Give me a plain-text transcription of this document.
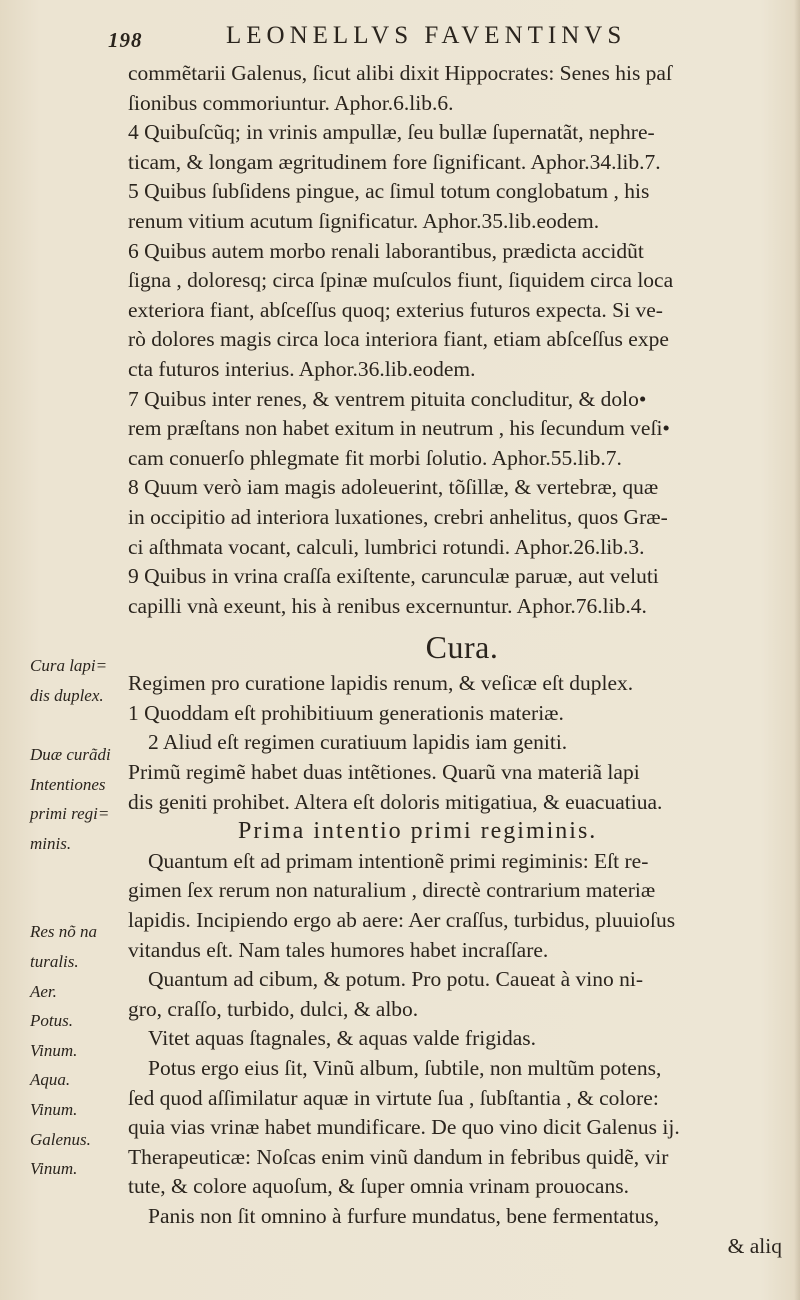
198	LEONELLVS FAVENTINVS
Cura lapi=
dis duplex.
Duæ curãdi
Intentiones
primi regi=
minis.
Res nõ na
turalis.
Aer.
Potus.
Vinum.
Aqua.
Vinum.
Galenus.
Vinum.
commẽtarii Galenus, ſicut alibi dixit Hippocrates: Senes his paſ
ſionibus commoriuntur. Aphor.6.lib.6.
4 Quibuſcũq; in vrinis ampullæ, ſeu bullæ ſupernatãt, nephre-
ticam, & longam ægritudinem fore ſignificant. Aphor.34.lib.7.
5 Quibus ſubſidens pingue, ac ſimul totum conglobatum , his
renum vitium acutum ſignificatur. Aphor.35.lib.eodem.
6 Quibus autem morbo renali laborantibus, prædicta accidũt
ſigna , doloresq; circa ſpinæ muſculos fiunt, ſiquidem circa loca
exteriora fiant, abſceſſus quoq; exterius futuros expecta. Si ve-
rò dolores magis circa loca interiora fiant, etiam abſceſſus expe
cta futuros interius. Aphor.36.lib.eodem.
7 Quibus inter renes, & ventrem pituita concluditur, & dolo•
rem præſtans non habet exitum in neutrum , his ſecundum veſi•
cam conuerſo phlegmate fit morbi ſolutio. Aphor.55.lib.7.
8 Quum verò iam magis adoleuerint, tõſillæ, & vertebræ, quæ
in occipitio ad interiora luxationes, crebri anhelitus, quos Græ-
ci aſthmata vocant, calculi, lumbrici rotundi. Aphor.26.lib.3.
9 Quibus in vrina craſſa exiſtente, carunculæ paruæ, aut veluti
capilli vnà exeunt, his à renibus excernuntur. Aphor.76.lib.4.
Cura.
Regimen pro curatione lapidis renum, & veſicæ eſt duplex.
1 Quoddam eſt prohibitiuum generationis materiæ.
2 Aliud eſt regimen curatiuum lapidis iam geniti.
Primũ regimẽ habet duas intẽtiones. Quarũ vna materiã lapi
dis geniti prohibet. Altera eſt doloris mitigatiua, & euacuatiua.
Prima intentio primi regiminis.
Quantum eſt ad primam intentionẽ primi regiminis: Eſt re-
gimen ſex rerum non naturalium , directè contrarium materiæ
lapidis. Incipiendo ergo ab aere: Aer craſſus, turbidus, pluuioſus
vitandus eſt. Nam tales humores habet incraſſare.
Quantum ad cibum, & potum. Pro potu. Caueat à vino ni-
gro, craſſo, turbido, dulci, & albo.
Vitet aquas ſtagnales, & aquas valde frigidas.
Potus ergo eius ſit, Vinũ album, ſubtile, non multũm potens,
ſed quod aſſimilatur aquæ in virtute ſua , ſubſtantia , & colore:
quia vias vrinæ habet mundificare. De quo vino dicit Galenus ij.
Therapeuticæ: Noſcas enim vinũ dandum in febribus quidẽ, vir
tute, & colore aquoſum, & ſuper omnia vrinam prouocans.
Panis non ſit omnino à furfure mundatus, bene fermentatus,
& aliq
